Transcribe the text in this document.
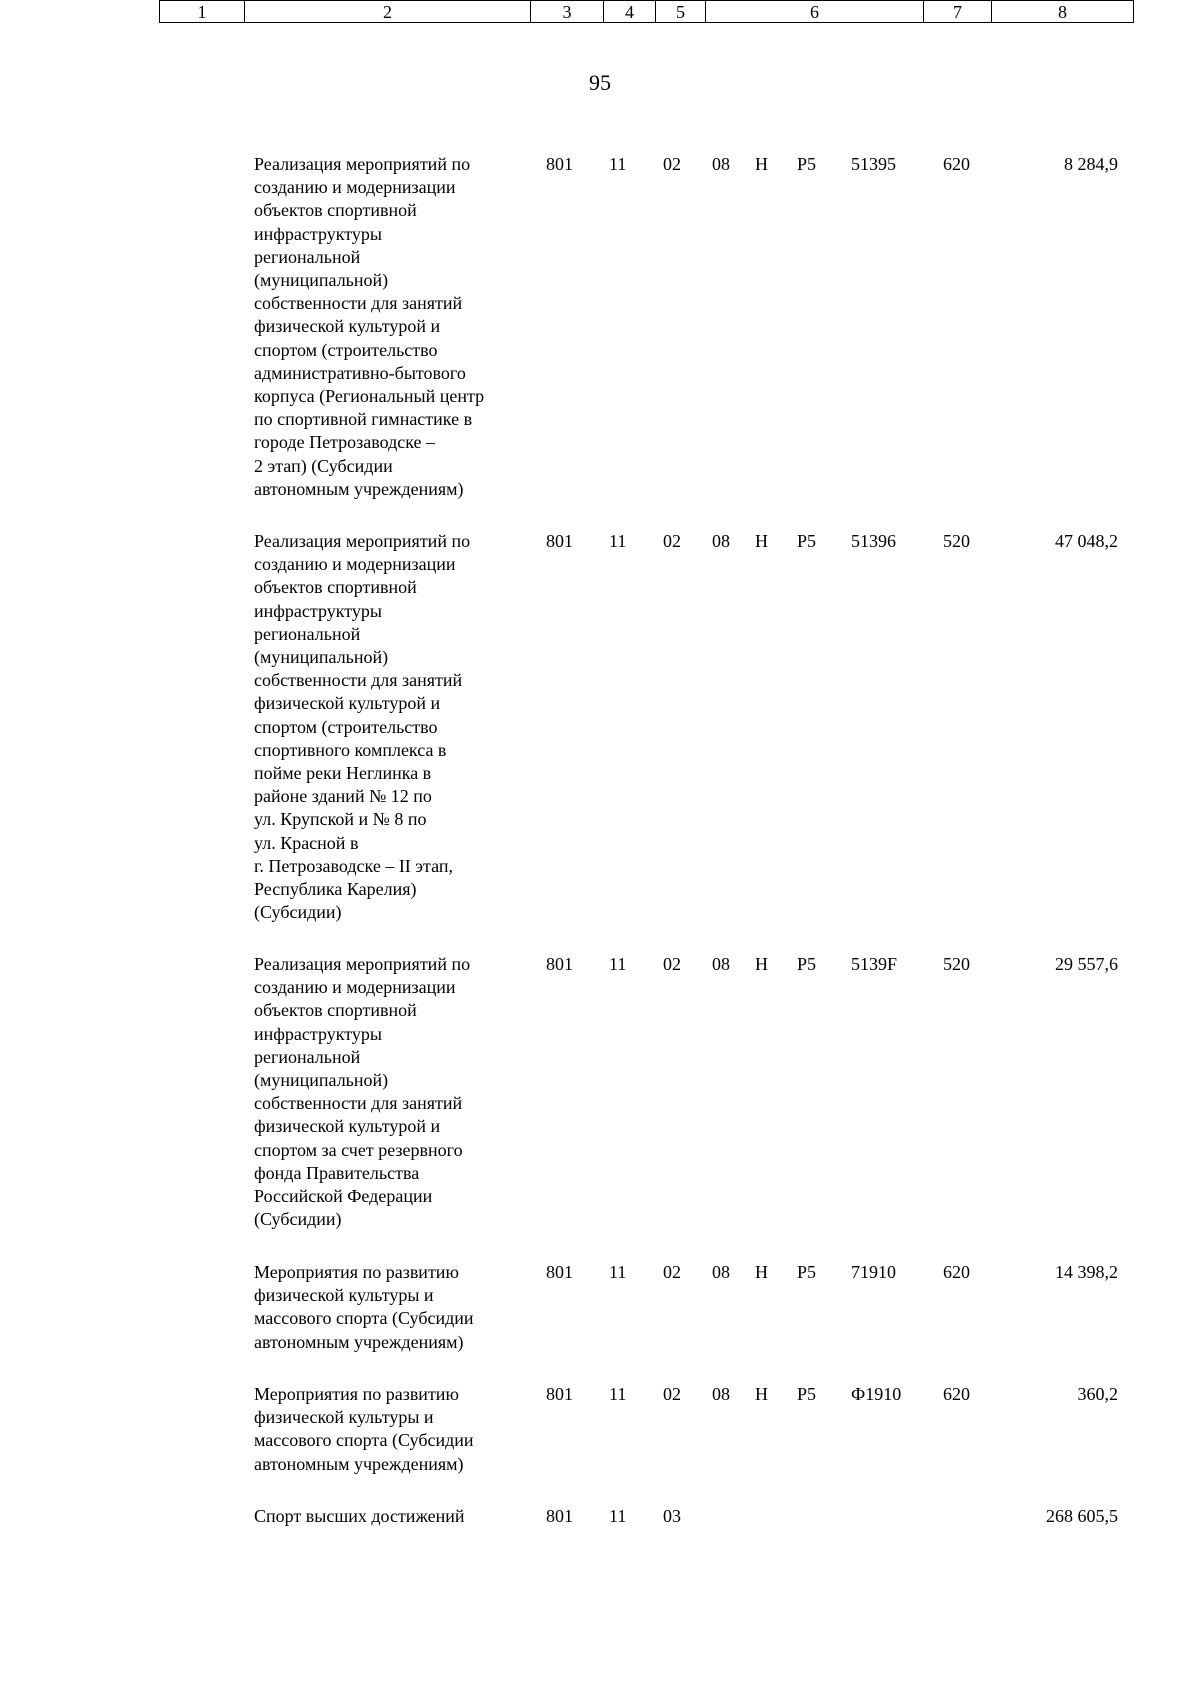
95
1	2	3	4	5	6	7	8
Реализация мероприятий по
созданию и модернизации
объектов спортивной
инфраструктуры
региональной
(муниципальной)
собственности для занятий
физической культурой и
спортом (строительство
административно-бытового
корпуса (Региональный центр
по спортивной гимнастике в
городе Петрозаводске –
2 этап) (Субсидии
автономным учреждениям)
801 11 02 08 Н Р5 51395	620	8 284,9
Реализация мероприятий по
созданию и модернизации
объектов спортивной
инфраструктуры
региональной
(муниципальной)
собственности для занятий
физической культурой и
спортом (строительство
спортивного комплекса в
пойме реки Неглинка в
районе зданий № 12 по
ул. Крупской и № 8 по
ул. Красной в
г. Петрозаводске – II этап,
Республика Карелия)
(Субсидии)
801 11 02 08 Н Р5 51396	520	47 048,2
Реализация мероприятий по
созданию и модернизации
объектов спортивной
инфраструктуры
региональной
(муниципальной)
собственности для занятий
физической культурой и
спортом за счет резервного
фонда Правительства
Российской Федерации
(Субсидии)
801 11 02 08 Н Р5 5139F	520	29 557,6
Мероприятия по развитию
физической культуры и
массового спорта (Субсидии
автономным учреждениям)
801 11 02 08 Н Р5 71910	620	14 398,2
Мероприятия по развитию
физической культуры и
массового спорта (Субсидии
автономным учреждениям)
801 11 02 08 Н Р5 Ф1910 620	360,2
Спорт высших достижений	801 11 03	268 605,5
